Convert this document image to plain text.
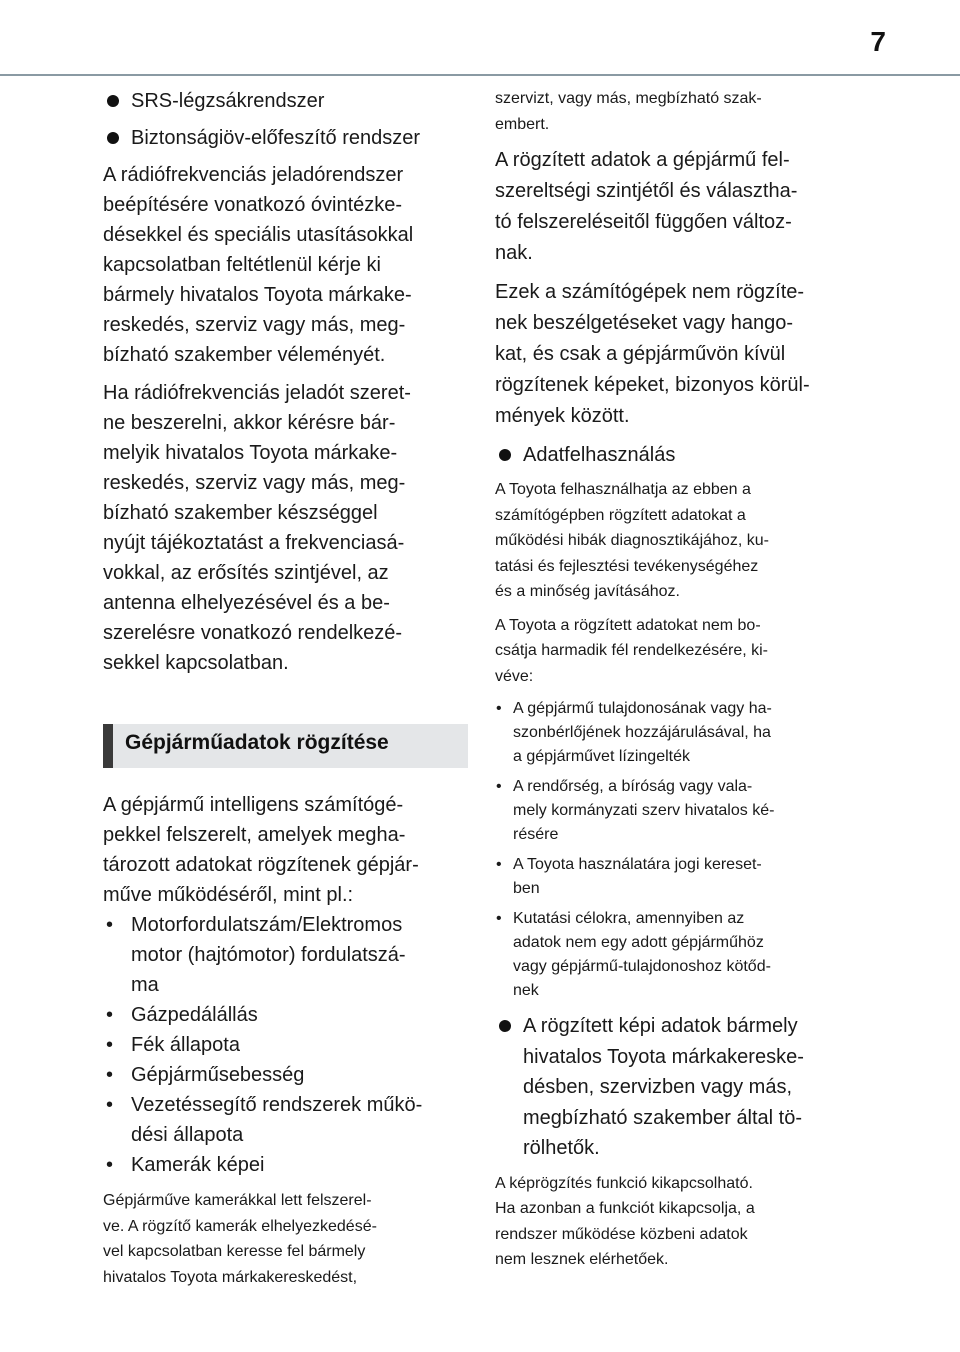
7
SRS-légzsákrendszer
Biztonságiöv-előfeszítő rendszer

A rádiófrekvenciás jeladórendszer
beépítésére vonatkozó óvintézke-
désekkel és speciális utasításokkal
kapcsolatban feltétlenül kérje ki
bármely hivatalos Toyota márkake-
reskedés, szerviz vagy más, meg-
bízható szakember véleményét.

Ha rádiófrekvenciás jeladót szeret-
ne beszerelni, akkor kérésre bár-
melyik hivatalos Toyota márkake-
reskedés, szerviz vagy más, meg-
bízható szakember készséggel
nyújt tájékoztatást a frekvenciasá-
vokkal, az erősítés szintjével, az
antenna elhelyezésével és a be-
szerelésre vonatkozó rendelkezé-
sekkel kapcsolatban.

Gépjárműadatok rögzítése

A gépjármű intelligens számítógé-
pekkel felszerelt, amelyek megha-
tározott adatokat rögzítenek gépjár-
műve működéséről, mint pl.:

• Motorfordulatszám/Elektromos
motor (hajtómotor) fordulatszá-
ma
• Gázpedálállás
• Fék állapota
• Gépjárműsebesség
• Vezetéssegítő rendszerek műkö-
dési állapota
• Kamerák képei

Gépjárműve kamerákkal lett felszerel-
ve. A rögzítő kamerák elhelyezkedésé-
vel kapcsolatban keresse fel bármely
hivatalos Toyota márkakereskedést,

szervizt, vagy más, megbízható szak-
embert.

A rögzített adatok a gépjármű fel-
szereltségi szintjétől és választha-
tó felszereléseitől függően változ-
nak.

Ezek a számítógépek nem rögzíte-
nek beszélgetéseket vagy hango-
kat, és csak a gépjárművön kívül
rögzítenek képeket, bizonyos körül-
mények között.

Adatfelhasználás

A Toyota felhasználhatja az ebben a
számítógépben rögzített adatokat a
működési hibák diagnosztikájához, ku-
tatási és fejlesztési tevékenységéhez
és a minőség javításához.

A Toyota a rögzített adatokat nem bo-
csátja harmadik fél rendelkezésére, ki-
véve:

• A gépjármű tulajdonosának vagy ha-
szonbérlőjének hozzájárulásával, ha
a gépjárművet lízingelték
• A rendőrség, a bíróság vagy vala-
mely kormányzati szerv hivatalos ké-
résére
• A Toyota használatára jogi kereset-
ben
• Kutatási célokra, amennyiben az
adatok nem egy adott gépjárműhöz
vagy gépjármű-tulajdonoshoz kötőd-
nek
A rögzített képi adatok bármely
hivatalos Toyota márkakereske-
désben, szervizben vagy más,
megbízható szakember által tö-
rölhetők.

A képrögzítés funkció kikapcsolható.
Ha azonban a funkciót kikapcsolja, a
rendszer működése közbeni adatok
nem lesznek elérhetőek.
